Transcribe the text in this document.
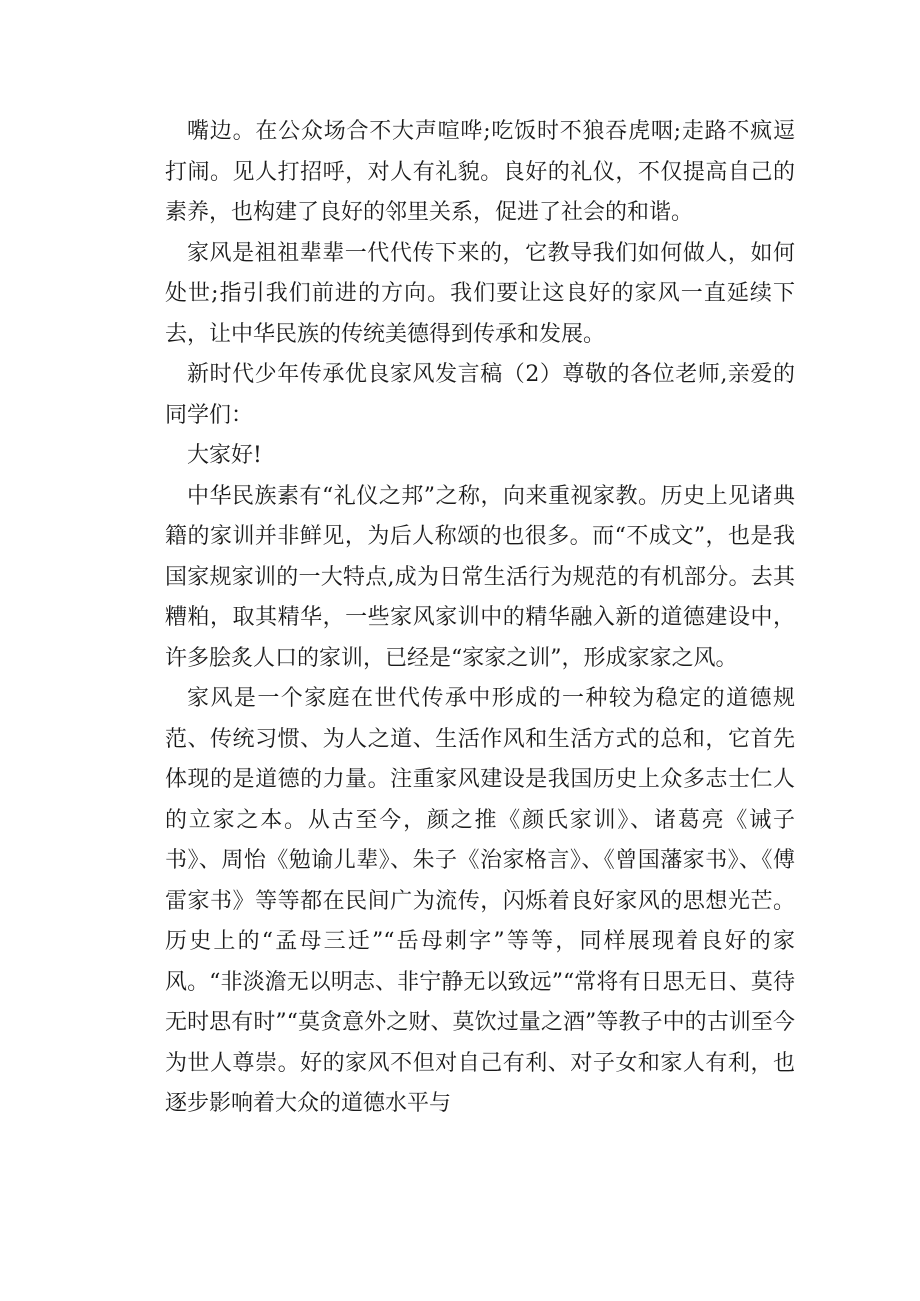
嘴边。在公众场合不大声喧哗;吃饭时不狼吞虎咽;走路不疯逗打闹。见人打招呼，对人有礼貌。良好的礼仪，不仅提高自己的素养，也构建了良好的邻里关系，促进了社会的和谐。

家风是祖祖辈辈一代代传下来的，它教导我们如何做人，如何处世;指引我们前进的方向。我们要让这良好的家风一直延续下去，让中华民族的传统美德得到传承和发展。

新时代少年传承优良家风发言稿（2）尊敬的各位老师,亲爱的同学们：

大家好!

中华民族素有“礼仪之邦”之称，向来重视家教。历史上见诸典籍的家训并非鲜见，为后人称颂的也很多。而“不成文”，也是我国家规家训的一大特点,成为日常生活行为规范的有机部分。去其糟粕，取其精华，一些家风家训中的精华融入新的道德建设中，许多脍炙人口的家训，已经是“家家之训”，形成家家之风。

家风是一个家庭在世代传承中形成的一种较为稳定的道德规范、传统习惯、为人之道、生活作风和生活方式的总和，它首先体现的是道德的力量。注重家风建设是我国历史上众多志士仁人的立家之本。从古至今，颜之推《颜氏家训》、诸葛亮《诫子书》、周怡《勉谕儿辈》、朱子《治家格言》、《曾国藩家书》、《傅雷家书》等等都在民间广为流传，闪烁着良好家风的思想光芒。历史上的“孟母三迁”“岳母刺字”等等，同样展现着良好的家风。“非淡澹无以明志、非宁静无以致远”“常将有日思无日、莫待无时思有时”“莫贪意外之财、莫饮过量之酒”等教子中的古训至今为世人尊崇。好的家风不但对自己有利、对子女和家人有利，也逐步影响着大众的道德水平与
